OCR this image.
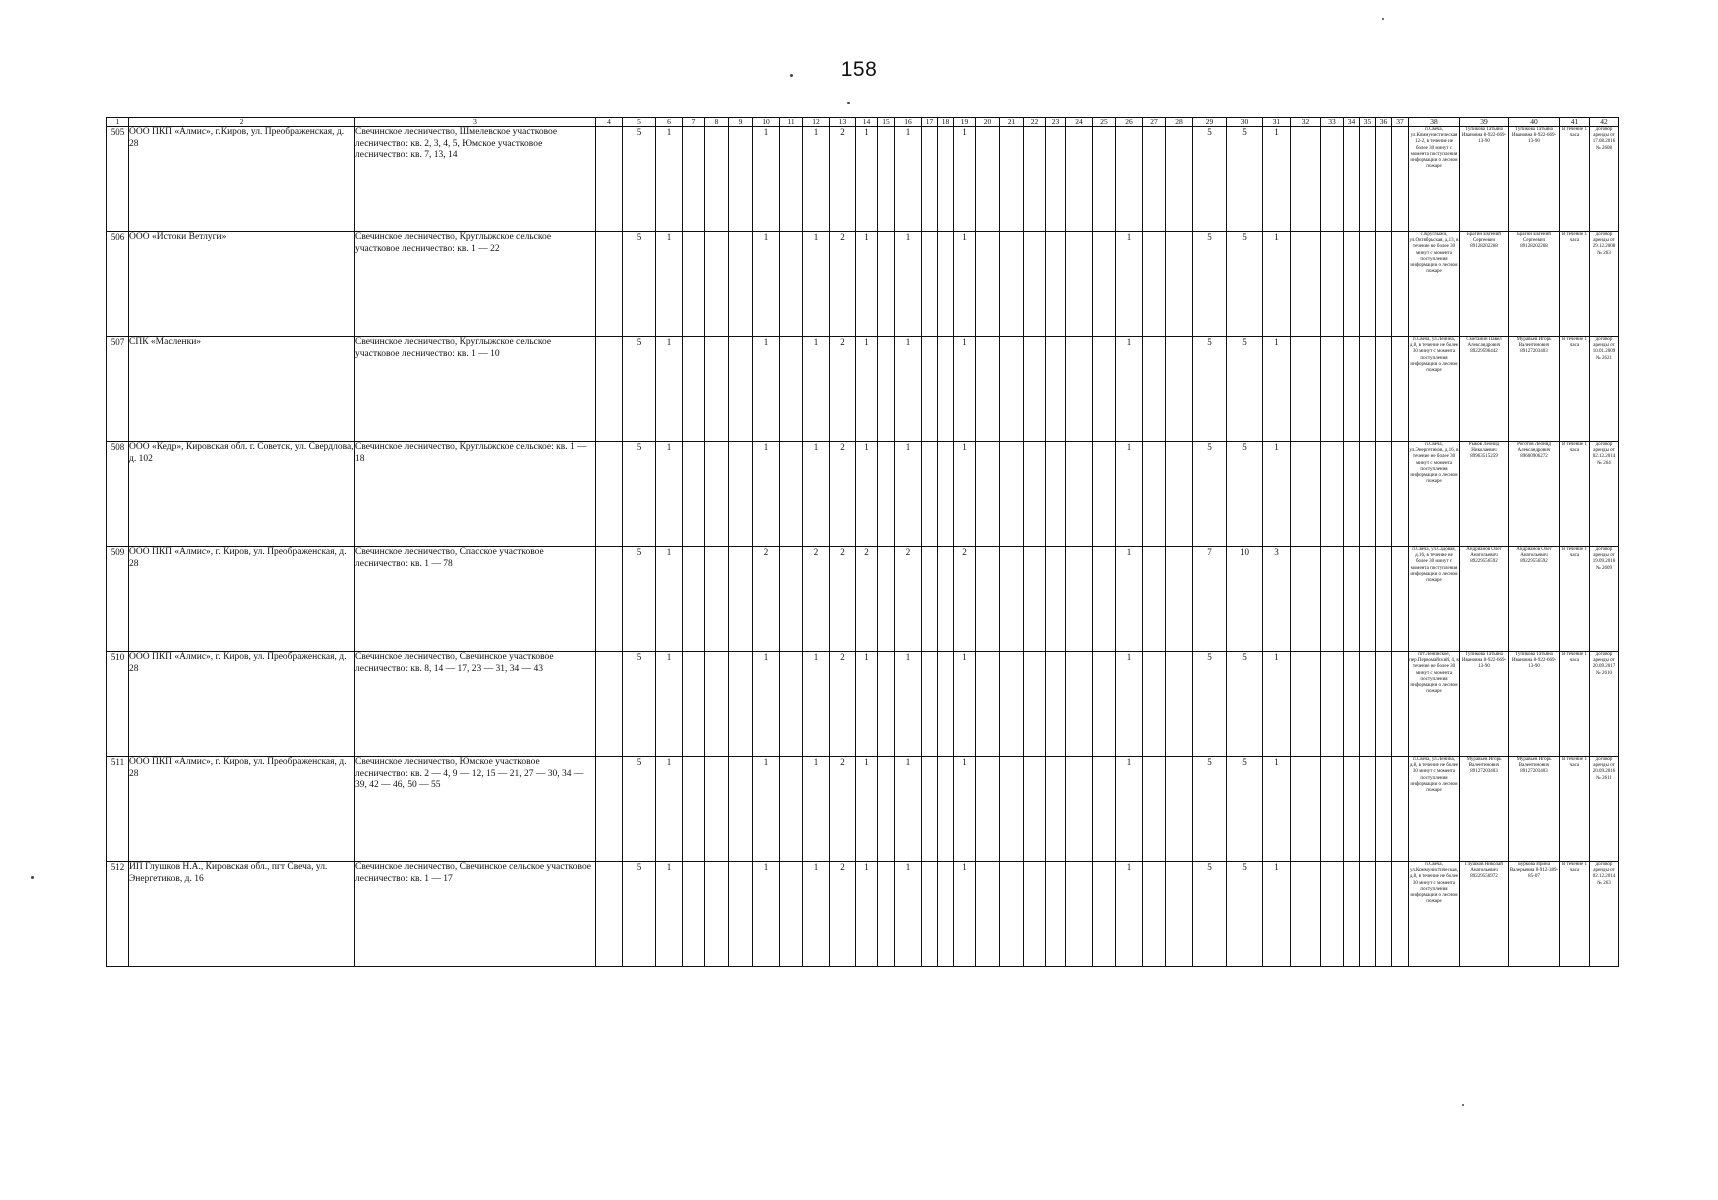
158
1	2	3	4	5	6	7	8	9	10	11	12	13	14	15	16	17	18	19	20	21	22	23	24	25	26	27	28	29	30	31	32	33	34	35	36	37	38	39	40	41	42
505	ООО ПКП «Алмис», г.Киров, ул. Преображенская, д. 28	Свечинское лесничество, Шмелевское участковое лесничество: кв. 2, 3, 4, 5, Юмское участковое лесничество: кв. 7, 13, 14		5	1				1		1	2	1		1			1										5	5	1							п.Свеча, ул.Коммунистическая 12-2, в течение не более 30 минут с момента поступления информации о лесном пожаре	Тупикова Татьяна Ивановна 8-922-669-13-90	Тупикова Татьяна Ивановна 8-922-669-13-90	В течение 1 часа	договор аренды от 17.08.2016 № 2608
506	ООО «Истоки Ветлуги»	Свечинское лесничество, Круглыжское сельское участковое лесничество: кв. 1 — 22		5	1				1		1	2	1		1			1							1			5	5	1							с.Круглыжи, ул.Октябрьская, д.13, в течение не более 30 минут с момента поступления информации о лесном пожаре	Брагин Евгений Сергеевич 89128202268	Брагин Евгений Сергеевич 89128202268	В течение 1 часа	договор аренды от 29.12.2008 № 263
507	СПК «Масленки»	Свечинское лесничество, Круглыжское сельское участковое лесничество: кв. 1 — 10		5	1				1		1	2	1		1			1							1			5	5	1							п.Свеча, ул.Ленина, д.8, в течение не более 30 минут с момента поступления информации о лесном пожаре	Сметанин Павел Александрович 89229596442	Муравьев Игорь Валентинович 89127203403	В течение 1 часа	договор аренды от 10.01.2009 № 2621
508	ООО «Кедр», Кировская обл. г. Советск, ул. Свердлова, д. 102	Свечинское лесничество, Круглыжское сельское: кв. 1 — 18		5	1				1		1	2	1		1			1							1			5	5	1							п.Свеча, ул.Энергетиков, д.16, в течение не более 30 минут с момента поступления информации о лесном пожаре	Рыков Леонид Николаевич 89963515259	Роготов Леонид Александрович 89600906272	В течение 1 часа	договор аренды от 02.12.2014 № 264
509	ООО ПКП «Алмис», г. Киров, ул. Преображенская, д. 28	Свечинское лесничество, Спасское участковое лесничество: кв. 1 — 78		5	1				2		2	2	2		2			2							1			7	10	3							п.Свеча, ул.Садовая, д.16, в течение не более 30 минут с момента поступления информации о лесном пожаре	Андрианов Олег Анатольевич 89229556592	Андрианов Олег Анатольевич 89229556592	В течение 1 часа	договор аренды от 19.09.2016 № 2609
510	ООО ПКП «Алмис», г. Киров, ул. Преображенская, д. 28	Свечинское лесничество, Свечинское участковое лесничество: кв. 8, 14 — 17, 23 — 31, 34 — 43		5	1				1		1	2	1		1			1							1			5	5	1							пгт.Ленинское, пер.Первомайский, 4, в течение не более 30 минут с момента поступления информации о лесном пожаре	Тупикова Татьяна Ивановна 8-922-669-13-90	Тупикова Татьяна Ивановна 8-922-669-13-90	В течение 1 часа	договор аренды от 20.09.2017 № 2610
511	ООО ПКП «Алмис», г. Киров, ул. Преображенская, д. 28	Свечинское лесничество, Юмское участковое лесничество: кв. 2 — 4, 9 — 12, 15 — 21, 27 — 30, 34 — 39, 42 — 46, 50 — 55		5	1				1		1	2	1		1			1							1			5	5	1							п.Свеча, ул.Ленина, д.8, в течение не более 30 минут с момента поступления информации о лесном пожаре	Муравьев Игорь Валентинович 89127203403	Муравьев Игорь Валентинович 89127203403	В течение 1 часа	договор аренды от 20.09.2016 № 2611
512	ИП Глушков Н.А., Кировская обл., пгт Свеча, ул. Энергетиков, д. 16	Свечинское лесничество, Свечинское сельское участковое лесничество: кв. 1 — 17		5	1				1		1	2	1		1			1							1			5	5	1							п.Свеча, ул.Коммунистическая, д.8, в течение не более 30 минут с момента поступления информации о лесном пожаре	Глушков Николай Анатольевич 89229556972	Буркова Ирина Валерьевна 8-912-389-85-07	В течение 1 часа	договор аренды от 02.12.2014 № 263
